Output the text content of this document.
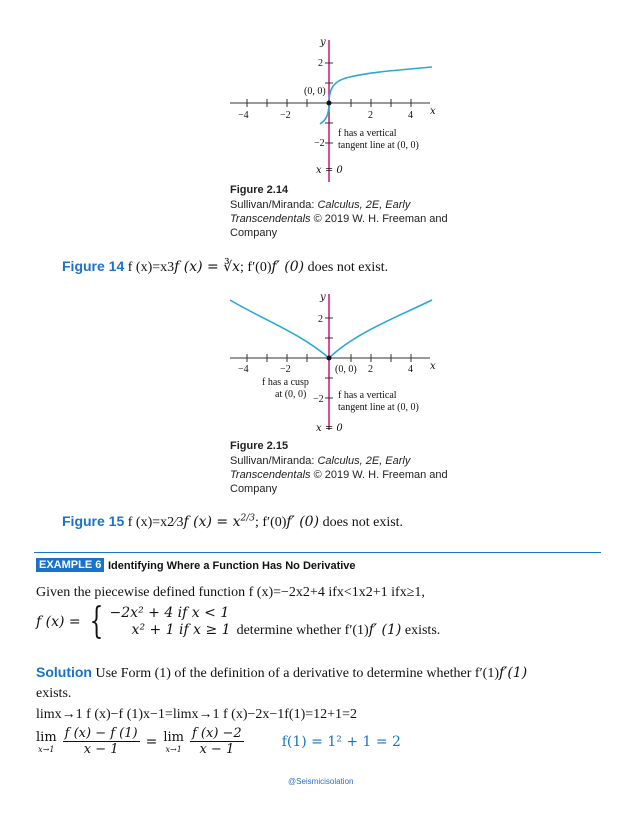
y
x
2
−2
−4	−2	2	4
(0, 0)
f has a vertical
tangent line at (0, 0)
x = 0
Figure 2.14
Sullivan/Miranda: Calculus, 2E, Early
Transcendentals © 2019 W. H. Freeman and
Company
Figure 14 f (x)=x3f (x) = ∛x; f′(0)f′ (0) does not exist.
y
x
2
−2
−4	−2	2	4
(0, 0)
f has a cusp
at (0, 0)	f has a vertical
tangent line at (0, 0)
x = 0
Figure 2.15
Sullivan/Miranda: Calculus, 2E, Early
Transcendentals © 2019 W. H. Freeman and
Company
Figure 15 f (x)=x2⁄3f $(x) = x^{2/3}$; f′(0)f′ (0) does not exist.
EXAMPLE 6 Identifying Where a Function Has No Derivative
Given the piecewise defined function f (x)=−2x2+4 ifx<1x2+1 ifx≥1,
f (x) = { −2x² + 4 if x < 1
x² + 1 if x ≥ 1 determine whether f′(1)f′ (1) exists.
Solution Use Form (1) of the definition of a derivative to determine whether f′(1)f′(1)
exists.
limx→1 f (x)−f (1)x−1=limx→1 f (x)−2x−1f(1)=12+1=2
lim
$x\to 1 \frac{f (x) - f (1)}{x - 1} = \lim$
$x\to 1 \frac{f (x) -2}{x - 1}$	f(1) = 1² + 1 = 2
@Seismicisolation
